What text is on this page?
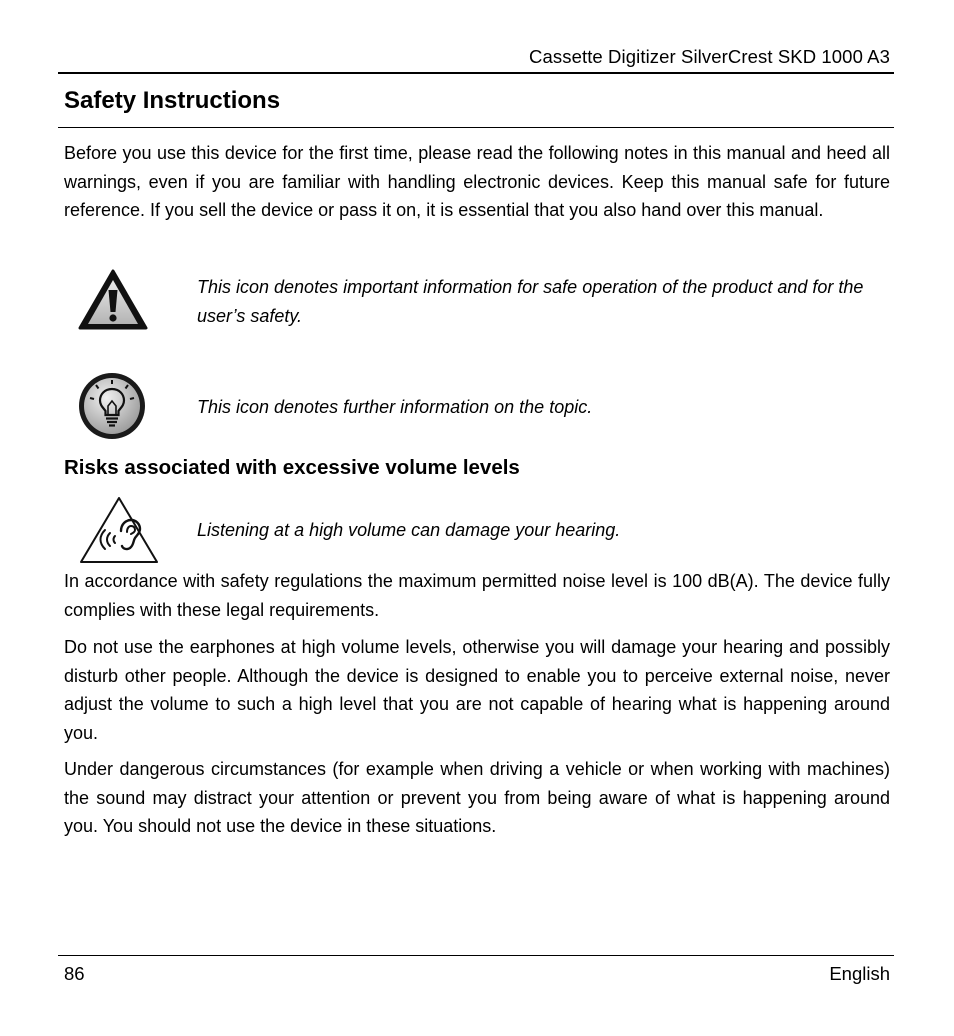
Cassette Digitizer SilverCrest SKD 1000 A3
Safety Instructions

Before you use this device for the first time, please read the following notes in this manual and heed all warnings, even if you are familiar with handling electronic devices. Keep this manual safe for future reference. If you sell the device or pass it on, it is essential that you also hand over this manual.

This icon denotes important information for safe operation of the product and for the user’s safety.

This icon denotes further information on the topic.

Risks associated with excessive volume levels

Listening at a high volume can damage your hearing.

In accordance with safety regulations the maximum permitted noise level is 100 dB(A). The device fully complies with these legal requirements.

Do not use the earphones at high volume levels, otherwise you will damage your hearing and possibly disturb other people. Although the device is designed to enable you to perceive external noise, never adjust the volume to such a high level that you are not capable of hearing what is happening around you.

Under dangerous circumstances (for example when driving a vehicle or when working with machines) the sound may distract your attention or prevent you from being aware of what is happening around you. You should not use the device in these situations.

86	English
